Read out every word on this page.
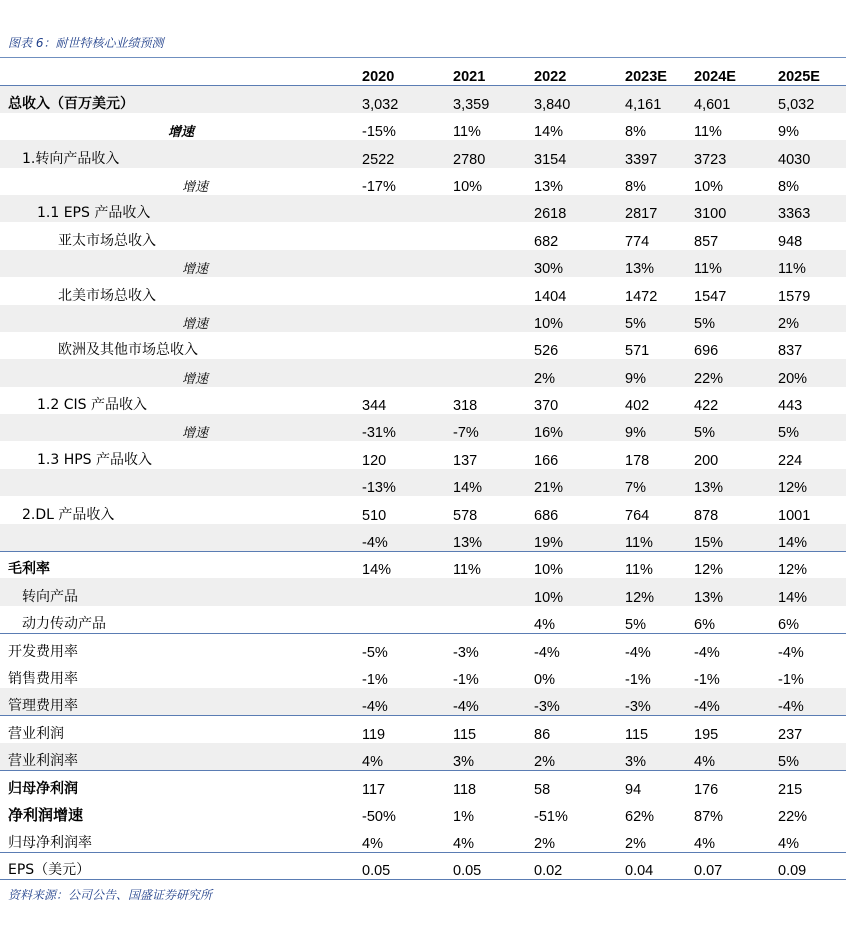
图表 6：耐世特核心业绩预测
	2020	2021	2022	2023E	2024E	2025E
总收入（百万美元）	3,032	3,359	3,840	4,161	4,601	5,032
增速	-15%	11%	14%	8%	11%	9%
1.转向产品收入	2522	2780	3154	3397	3723	4030
增速	-17%	10%	13%	8%	10%	8%
1.1 EPS 产品收入			2618	2817	3100	3363
亚太市场总收入			682	774	857	948
增速			30%	13%	11%	11%
北美市场总收入			1404	1472	1547	1579
增速			10%	5%	5%	2%
欧洲及其他市场总收入			526	571	696	837
增速			2%	9%	22%	20%
1.2 CIS 产品收入	344	318	370	402	422	443
增速	-31%	-7%	16%	9%	5%	5%
1.3 HPS 产品收入	120	137	166	178	200	224
	-13%	14%	21%	7%	13%	12%
2.DL 产品收入	510	578	686	764	878	1001
	-4%	13%	19%	11%	15%	14%
毛利率	14%	11%	10%	11%	12%	12%
转向产品			10%	12%	13%	14%
动力传动产品			4%	5%	6%	6%
开发费用率	-5%	-3%	-4%	-4%	-4%	-4%
销售费用率	-1%	-1%	0%	-1%	-1%	-1%
管理费用率	-4%	-4%	-3%	-3%	-4%	-4%
营业利润	119	115	86	115	195	237
营业利润率	4%	3%	2%	3%	4%	5%
归母净利润	117	118	58	94	176	215
净利润增速	-50%	1%	-51%	62%	87%	22%
归母净利润率	4%	4%	2%	2%	4%	4%
EPS（美元）	0.05	0.05	0.02	0.04	0.07	0.09
资料来源：公司公告、国盛证券研究所
